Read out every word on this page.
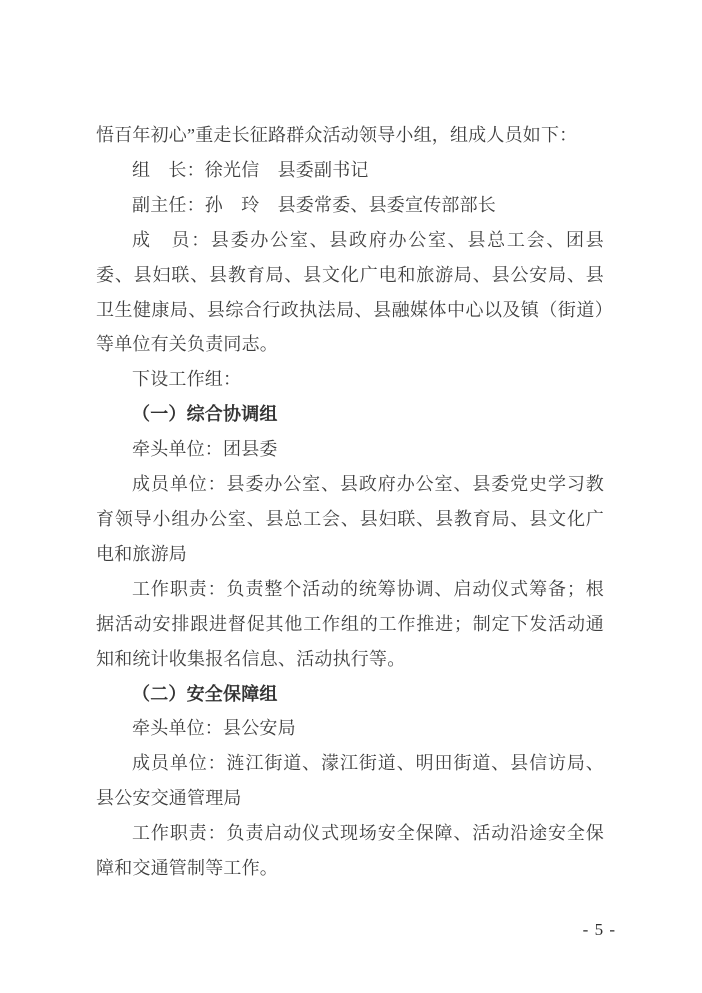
悟百年初心”重走长征路群众活动领导小组，组成人员如下：

组　长：徐光信　县委副书记

副主任：孙　玲　县委常委、县委宣传部部长

成　员：县委办公室、县政府办公室、县总工会、团县委、县妇联、县教育局、县文化广电和旅游局、县公安局、县卫生健康局、县综合行政执法局、县融媒体中心以及镇（街道）等单位有关负责同志。

下设工作组：

（一）综合协调组

牵头单位：团县委

成员单位：县委办公室、县政府办公室、县委党史学习教育领导小组办公室、县总工会、县妇联、县教育局、县文化广电和旅游局

工作职责：负责整个活动的统筹协调、启动仪式筹备；根据活动安排跟进督促其他工作组的工作推进；制定下发活动通知和统计收集报名信息、活动执行等。

（二）安全保障组

牵头单位：县公安局

成员单位：涟江街道、濛江街道、明田街道、县信访局、县公安交通管理局

工作职责：负责启动仪式现场安全保障、活动沿途安全保障和交通管制等工作。

- 5 -
